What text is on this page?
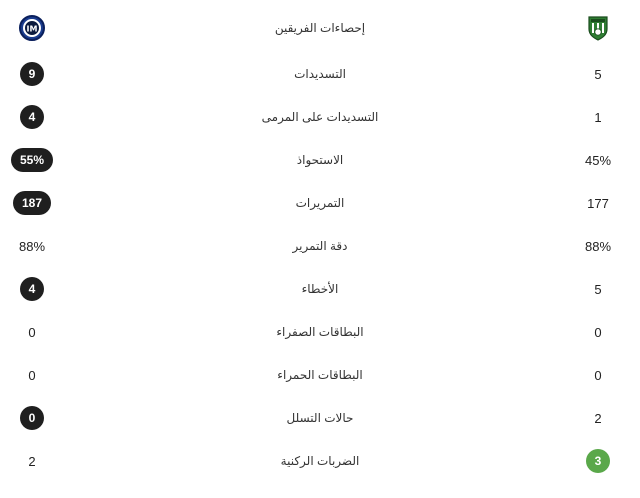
IM	إحصاءات الفريقين
9	التسديدات	5
4	التسديدات على المرمى	1
55%	الاستحواذ	45%
187	التمريرات	177
88%	دقة التمرير	88%
4	الأخطاء	5
0	البطاقات الصفراء	0
0	البطاقات الحمراء	0
0	حالات التسلل	2
2	الضربات الركنية	3
